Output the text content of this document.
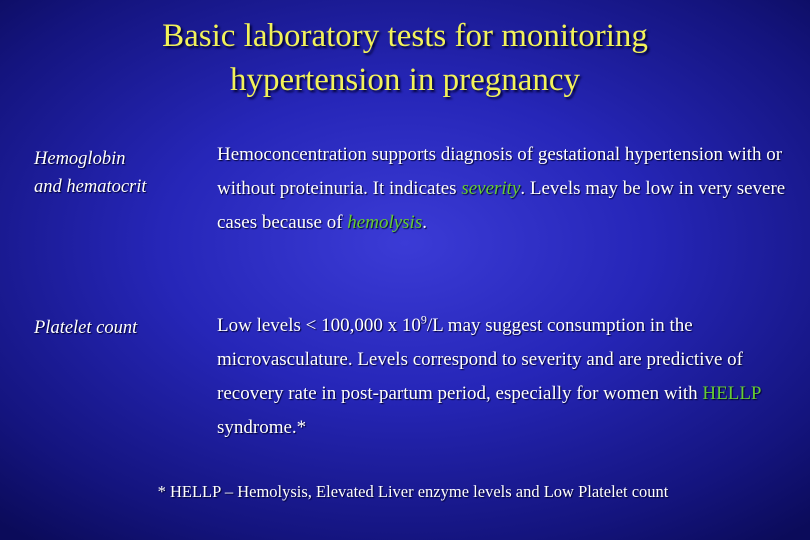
Basic laboratory tests for monitoring
hypertension in pregnancy
Hemoglobin
and hematocrit
Hemoconcentration supports diagnosis of gestational hypertension with or without proteinuria. It indicates severity. Levels may be low in very severe cases because of hemolysis.
Platelet count	Low levels < 100,000 x $10^9/L$ may suggest consumption in the microvasculature. Levels correspond to severity and are predictive of recovery rate in post-partum period, especially for women with HELLP syndrome.*
* HELLP – Hemolysis, Elevated Liver enzyme levels and Low Platelet count
